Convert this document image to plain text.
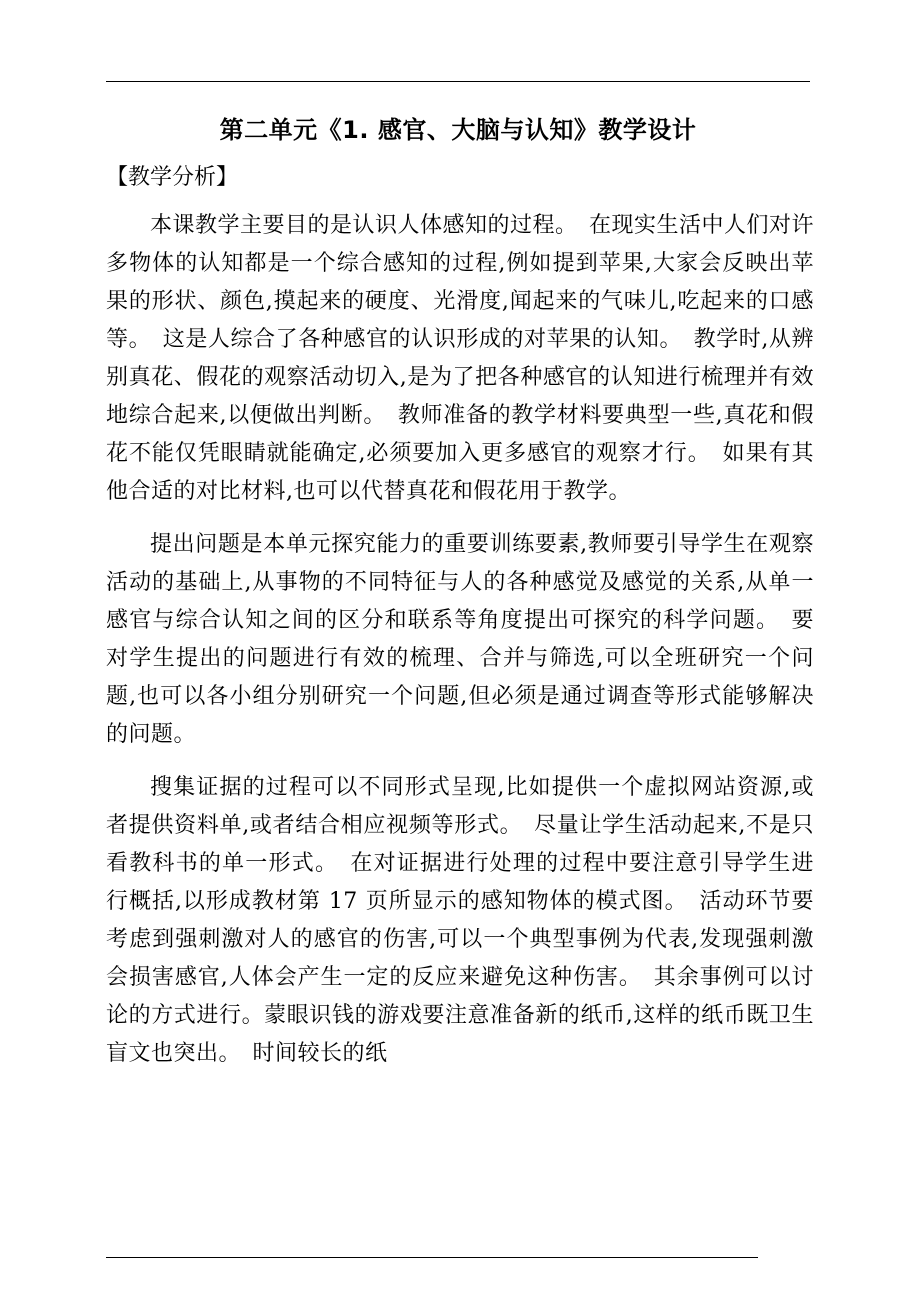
第二单元《1. 感官、大脑与认知》教学设计

【教学分析】

本课教学主要目的是认识人体感知的过程。　在现实生活中人们对许多物体的认知都是一个综合感知的过程,例如提到苹果,大家会反映出苹果的形状、颜色,摸起来的硬度、光滑度,闻起来的气味儿,吃起来的口感等。　这是人综合了各种感官的认识形成的对苹果的认知。　教学时,从辨别真花、假花的观察活动切入,是为了把各种感官的认知进行梳理并有效地综合起来,以便做出判断。　教师准备的教学材料要典型一些,真花和假花不能仅凭眼睛就能确定,必须要加入更多感官的观察才行。　如果有其他合适的对比材料,也可以代替真花和假花用于教学。

提出问题是本单元探究能力的重要训练要素,教师要引导学生在观察活动的基础上,从事物的不同特征与人的各种感觉及感觉的关系,从单一感官与综合认知之间的区分和联系等角度提出可探究的科学问题。　要对学生提出的问题进行有效的梳理、合并与筛选,可以全班研究一个问题,也可以各小组分别研究一个问题,但必须是通过调查等形式能够解决的问题。

搜集证据的过程可以不同形式呈现,比如提供一个虚拟网站资源,或者提供资料单,或者结合相应视频等形式。　尽量让学生活动起来,不是只看教科书的单一形式。　在对证据进行处理的过程中要注意引导学生进行概括,以形成教材第 17 页所显示的感知物体的模式图。　活动环节要考虑到强刺激对人的感官的伤害,可以一个典型事例为代表,发现强刺激会损害感官,人体会产生一定的反应来避免这种伤害。　其余事例可以讨论的方式进行。蒙眼识钱的游戏要注意准备新的纸币,这样的纸币既卫生盲文也突出。　时间较长的纸
